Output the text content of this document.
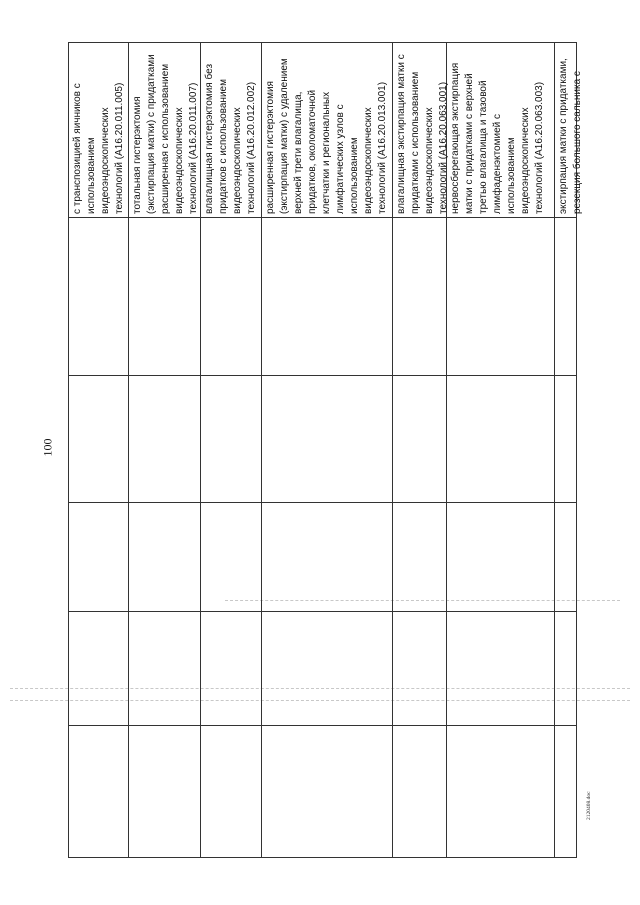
100
2120408.doc
с транспозицией яичников с
использованием
видеоэндоскопических
технологий (A16.20.011.005)
тотальная гистерэктомия
(экстирпация матки) с придатками
расширенная с использованием
видеоэндоскопических
технологий (A16.20.011.007)
влагалищная гистерэктомия без
придатков с использованием
видеоэндоскопических
технологий (A16.20.012.002)
расширенная гистерэктомия
(экстирпация матки) с удалением
верхней трети влагалища,
придатков, околоматочной
клетчатки и региональных
лимфатических узлов с
использованием
видеоэндоскопических
технологий (A16.20.013.001)
влагалищная экстирпация матки с
придатками с использованием
видеоэндоскопических
технологий (A16.20.063.001)
нервосберегающая экстирпация
матки с придатками с верхней
третью влагалища и тазовой
лимфаденэктомией с
использованием
видеоэндоскопических
технологий (A16.20.063.003)
экстирпация матки с придатками,
резекция большого сальника с
